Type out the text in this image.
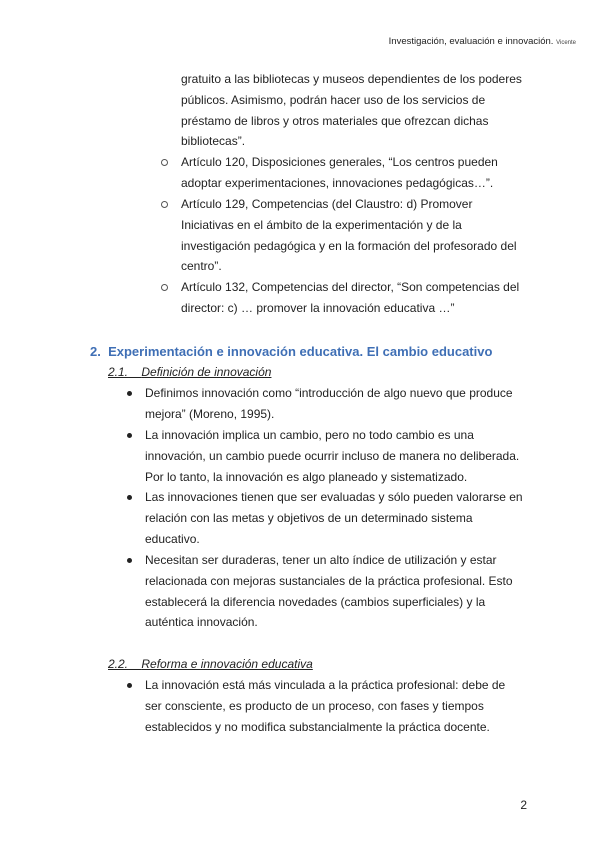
Investigación, evaluación e innovación. Vicente
gratuito a las bibliotecas y museos dependientes de los poderes
públicos. Asimismo, podrán hacer uso de los servicios de
préstamo de libros y otros materiales que ofrezcan dichas
bibliotecas”.
Artículo 120, Disposiciones generales, “Los centros pueden
adoptar experimentaciones, innovaciones pedagógicas…”.
Artículo 129, Competencias (del Claustro: d) Promover
Iniciativas en el ámbito de la experimentación y de la
investigación pedagógica y en la formación del profesorado del
centro”.
Artículo 132, Competencias del director, “Son competencias del
director: c) … promover la innovación educativa …”
2. Experimentación e innovación educativa. El cambio educativo
2.1. Definición de innovación
Definimos innovación como “introducción de algo nuevo que produce
mejora” (Moreno, 1995).
La innovación implica un cambio, pero no todo cambio es una
innovación, un cambio puede ocurrir incluso de manera no deliberada.
Por lo tanto, la innovación es algo planeado y sistematizado.
Las innovaciones tienen que ser evaluadas y sólo pueden valorarse en
relación con las metas y objetivos de un determinado sistema
educativo.
Necesitan ser duraderas, tener un alto índice de utilización y estar
relacionada con mejoras sustanciales de la práctica profesional. Esto
establecerá la diferencia novedades (cambios superficiales) y la
auténtica innovación.
2.2. Reforma e innovación educativa
La innovación está más vinculada a la práctica profesional: debe de
ser consciente, es producto de un proceso, con fases y tiempos
establecidos y no modifica substancialmente la práctica docente.
2
